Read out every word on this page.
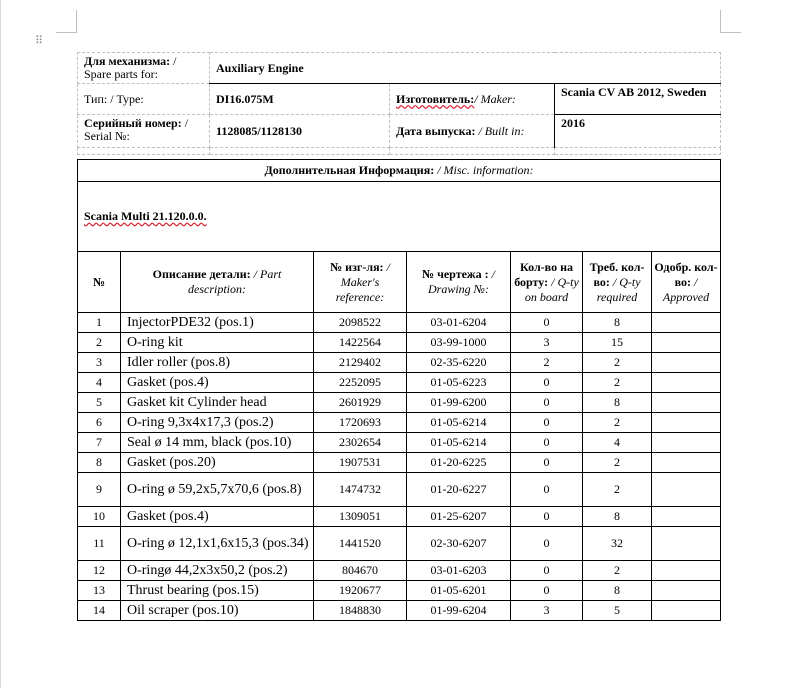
⠿
Для механизма: / Spare parts for:	Auxiliary Engine		
Тип: / Type:	DI16.075M	Изготовитель:/ Maker:	Scania CV AB 2012, Sweden
Серийный номер: / Serial №:	1128085/1128130	Дата выпуска: / Built in:	2016

Дополнительная Информация: / Misc. information:						
Scania Multi 21.120.0.0.						
№	Описание детали: / Part description:	№ изг-ля: / Maker's reference:	№ чертежа : / Drawing №:	Кол-во на борту: / Q-ty on board	Треб. кол-во: / Q-ty required	Одобр. кол-во: / Approved
1	InjectorPDE32 (pos.1)	2098522	03-01-6204	0	8	
2	O-ring kit	1422564	03-99-1000	3	15	
3	Idler roller (pos.8)	2129402	02-35-6220	2	2	
4	Gasket (pos.4)	2252095	01-05-6223	0	2	
5	Gasket kit Cylinder head	2601929	01-99-6200	0	8	
6	O-ring 9,3x4x17,3 (pos.2)	1720693	01-05-6214	0	2	
7	Seal ø 14 mm, black (pos.10)	2302654	01-05-6214	0	4	
8	Gasket (pos.20)	1907531	01-20-6225	0	2	
9	O-ring ø 59,2x5,7x70,6 (pos.8)	1474732	01-20-6227	0	2	
10	Gasket (pos.4)	1309051	01-25-6207	0	8	
11	O-ring ø 12,1x1,6x15,3 (pos.34)	1441520	02-30-6207	0	32	
12	O-ringø 44,2x3x50,2 (pos.2)	804670	03-01-6203	0	2	
13	Thrust bearing (pos.15)	1920677	01-05-6201	0	8	
14	Oil scraper (pos.10)	1848830	01-99-6204	3	5	
